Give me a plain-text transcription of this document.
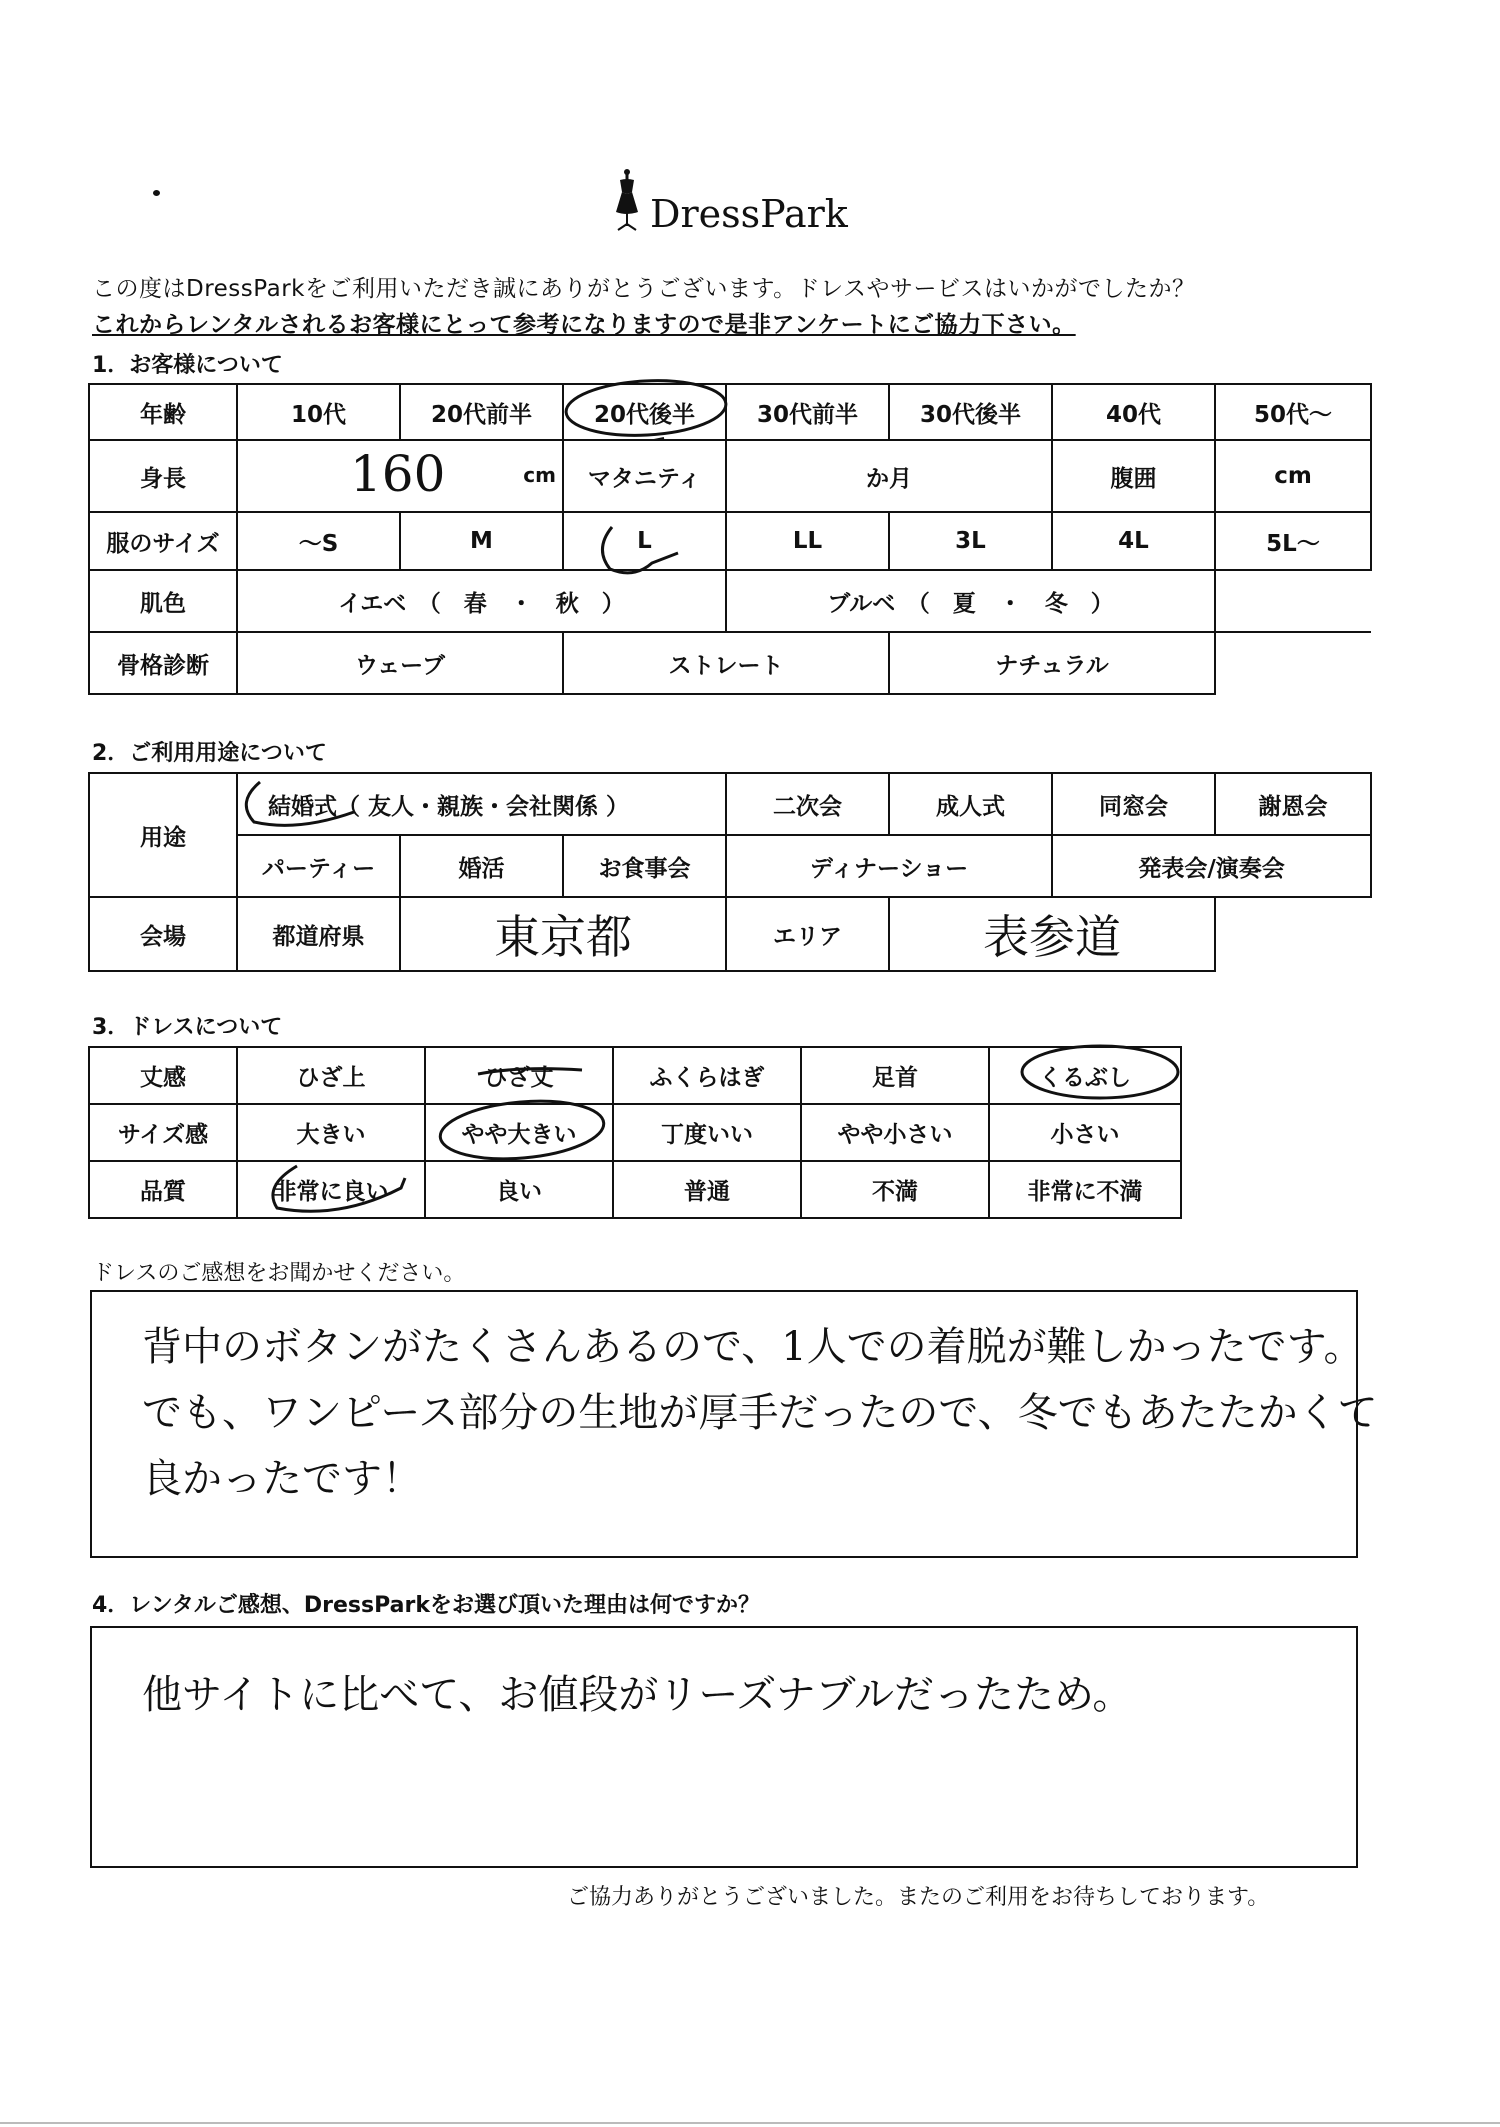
DressPark
この度はDressParkをご利用いただき誠にありがとうございます。ドレスやサービスはいかがでしたか？
これからレンタルされるお客様にとって参考になりますので是非アンケートにご協力下さい。
1．お客様について
年齢	10代	20代前半	20代後半	30代前半	30代後半	40代	50代～
身長	160 cm		マタニティ	か月		腹囲	cm
服のサイズ	～S	M	L	LL	3L	4L	5L～
肌色	イエベ　（　春　・　秋　）			ブルベ　（　夏　・　冬　）			
骨格診断	ウェーブ		ストレート		ナチュラル		
2．ご利用用途について
用途	結婚式（ 友人・親族・会社関係 ）			二次会	成人式	同窓会	謝恩会
	パーティー	婚活	お食事会	ディナーショー		発表会/演奏会	
会場	都道府県	東京都		エリア	表参道		
3．ドレスについて
丈感	ひざ上	ひざ丈	ふくらはぎ	足首	くるぶし
サイズ感	大きい	やや大きい	丁度いい	やや小さい	小さい
品質	非常に良い	良い	普通	不満	非常に不満
ドレスのご感想をお聞かせください。
背中のボタンがたくさんあるので、1人での着脱が難しかったです。
でも、ワンピース部分の生地が厚手だったので、冬でもあたたかくて
良かったです！
4．レンタルご感想、DressParkをお選び頂いた理由は何ですか？
他サイトに比べて、お値段がリーズナブルだったため。
ご協力ありがとうございました。またのご利用をお待ちしております。
